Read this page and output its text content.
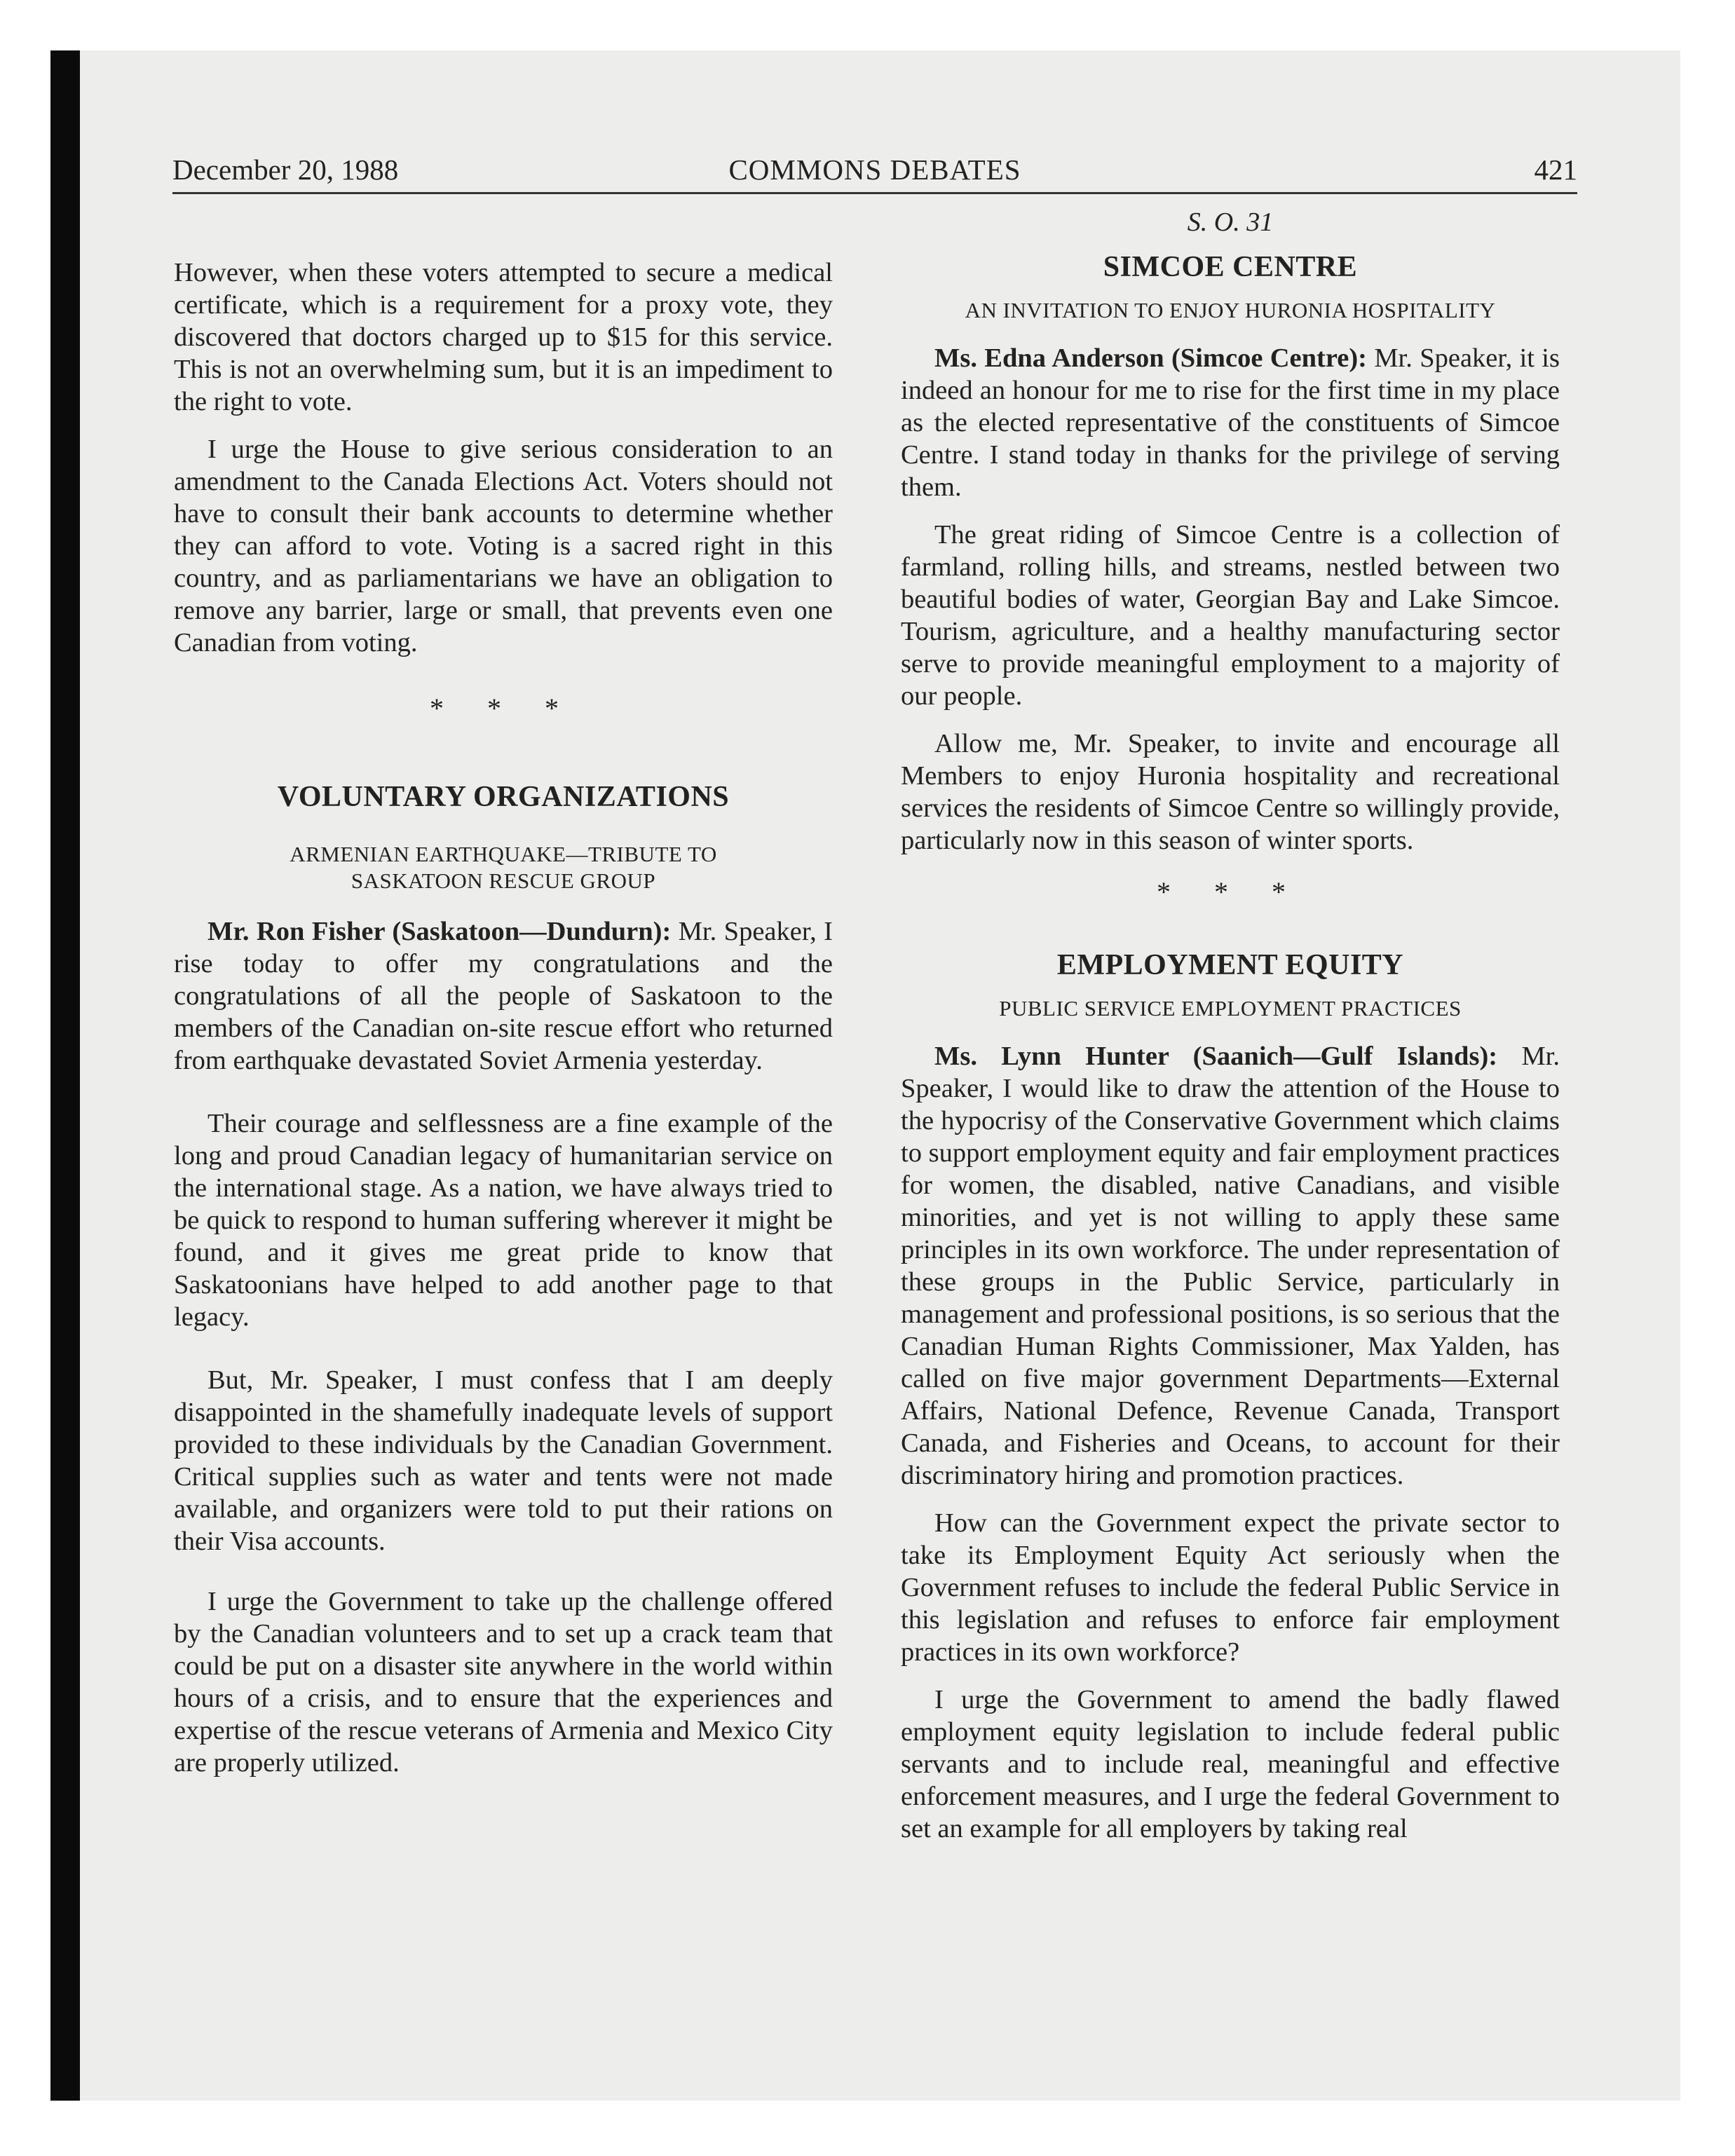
December 20, 1988	COMMONS DEBATES	421

However, when these voters attempted to secure a medical certificate, which is a requirement for a proxy vote, they discovered that doctors charged up to $15 for this service. This is not an overwhelming sum, but it is an impediment to the right to vote.

I urge the House to give serious consideration to an amendment to the Canada Elections Act. Voters should not have to consult their bank accounts to determine whether they can afford to vote. Voting is a sacred right in this country, and as parliamentarians we have an obligation to remove any barrier, large or small, that prevents even one Canadian from voting.

* * *
VOLUNTARY ORGANIZATIONS
ARMENIAN EARTHQUAKE—TRIBUTE TO SASKATOON RESCUE GROUP

Mr. Ron Fisher (Saskatoon—Dundurn): Mr. Speaker, I rise today to offer my congratulations and the congratulations of all the people of Saskatoon to the members of the Canadian on-site rescue effort who returned from earthquake devastated Soviet Armenia yesterday.

Their courage and selflessness are a fine example of the long and proud Canadian legacy of humanitarian service on the international stage. As a nation, we have always tried to be quick to respond to human suffering wherever it might be found, and it gives me great pride to know that Saskatoonians have helped to add another page to that legacy.

But, Mr. Speaker, I must confess that I am deeply disappointed in the shamefully inadequate levels of support provided to these individuals by the Canadian Government. Critical supplies such as water and tents were not made available, and organizers were told to put their rations on their Visa accounts.

I urge the Government to take up the challenge offered by the Canadian volunteers and to set up a crack team that could be put on a disaster site anywhere in the world within hours of a crisis, and to ensure that the experiences and expertise of the rescue veterans of Armenia and Mexico City are properly utilized.

S. O. 31
SIMCOE CENTRE
AN INVITATION TO ENJOY HURONIA HOSPITALITY

Ms. Edna Anderson (Simcoe Centre): Mr. Speaker, it is indeed an honour for me to rise for the first time in my place as the elected representative of the constituents of Simcoe Centre. I stand today in thanks for the privilege of serving them.

The great riding of Simcoe Centre is a collection of farmland, rolling hills, and streams, nestled between two beautiful bodies of water, Georgian Bay and Lake Simcoe. Tourism, agriculture, and a healthy manufacturing sector serve to provide meaningful employment to a majority of our people.

Allow me, Mr. Speaker, to invite and encourage all Members to enjoy Huronia hospitality and recreational services the residents of Simcoe Centre so willingly provide, particularly now in this season of winter sports.

* * *
EMPLOYMENT EQUITY
PUBLIC SERVICE EMPLOYMENT PRACTICES

Ms. Lynn Hunter (Saanich—Gulf Islands): Mr. Speaker, I would like to draw the attention of the House to the hypocrisy of the Conservative Government which claims to support employment equity and fair employment practices for women, the disabled, native Canadians, and visible minorities, and yet is not willing to apply these same principles in its own workforce. The under representation of these groups in the Public Service, particularly in management and professional positions, is so serious that the Canadian Human Rights Commissioner, Max Yalden, has called on five major government Departments—External Affairs, National Defence, Revenue Canada, Transport Canada, and Fisheries and Oceans, to account for their discriminatory hiring and promotion practices.

How can the Government expect the private sector to take its Employment Equity Act seriously when the Government refuses to include the federal Public Service in this legislation and refuses to enforce fair employment practices in its own workforce?

I urge the Government to amend the badly flawed employment equity legislation to include federal public servants and to include real, meaningful and effective enforcement measures, and I urge the federal Government to set an example for all employers by taking real
